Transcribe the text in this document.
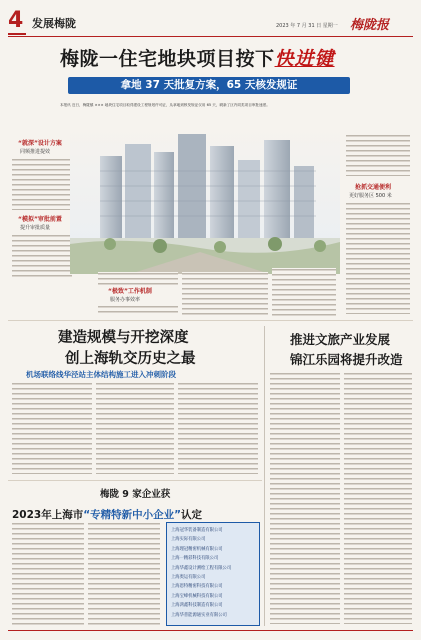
4 发展梅陇	2023 年 7 月 31 日 星期一 梅陇报
梅陇一住宅地块项目按下快进键
拿地 37 天批复方案，65 天核发规证
本报讯 近日，梅陇镇 ××× 地块住宅项目取得建设工程规划许可证，从拿地到核发规证仅用 65 天，刷新了区内同类项目审批速度。
“就深”设计方案
同频推进提效
“模拟”审批前置
提升审批质量
“极致”工作机制
服务办事效率
抢抓交通便利
更好服务区 500 米
建造规模与开挖深度
创上海轨交历史之最
机场联络线华泾站主体结构施工进入冲刺阶段
推进文旅产业发展
锦江乐园将提升改造
梅陇 9 家企业获
2023年上海市“专精特新中小企业”认定
上海冠华装备制造有限公司
上海实际有限公司
上海理冠精密机械有限公司
上海一精彩科技有限公司
上海华鑫设计测绘工程有限公司
上海奥运有限公司
上海恩特精密科技有限公司
上海宝峰机械科技有限公司
上海鸿鑫科技制造有限公司
上海华普能源通实业有限公司
